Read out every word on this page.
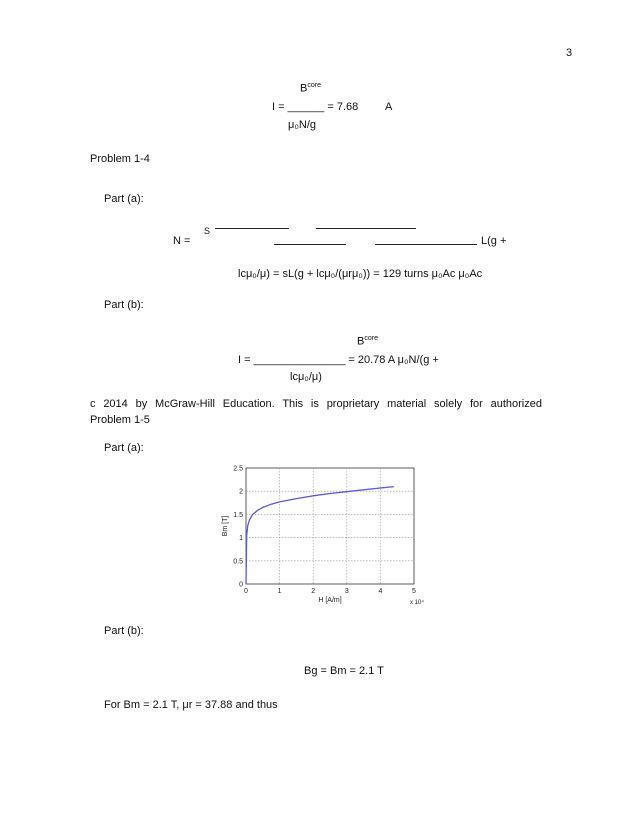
3
$B^{core}$
I = ______ = 7.68 A
μ₀N/g
Problem 1-4
Part (a):
S
N =	L(g +
lcμ₀/μ) = sL(g + lcμ₀/(μrμ₀)) = 129 turns μ₀Ac μ₀Ac
Part (b):
$B^{core}$
I = _______________ = 20.78 A μ₀N/(g +
lcμ₀/μ)
c 2014 by McGraw-Hill Education. This is proprietary material solely for authorized
Problem 1-5
Part (a):
0	1	2	3	4	5
0
0.5
1
1.5
2
2.5
H [A/m]	x 10⁴
Bm [T]
Part (b):
Bg = Bm = 2.1 T
For Bm = 2.1 T, μr = 37.88 and thus
